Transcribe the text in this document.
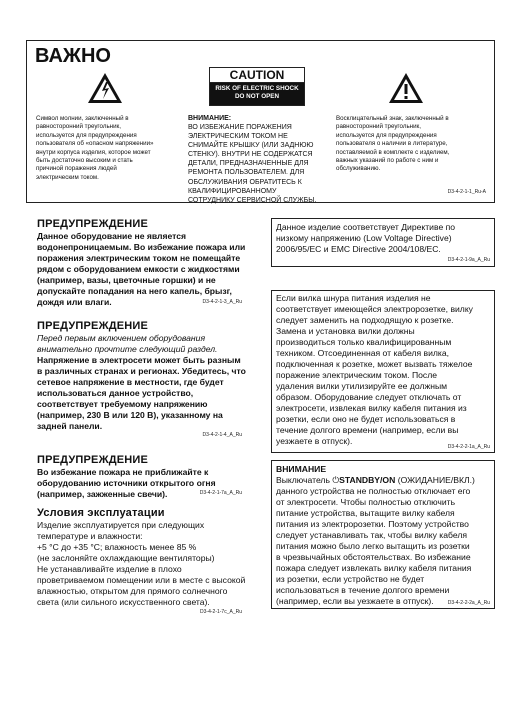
ВАЖНО
CAUTION
RISK OF ELECTRIC SHOCK
DO NOT OPEN

Символ молнии, заключенный в
равносторонний треугольник,
используется для предупреждения
пользователя об «опасном напряжении»
внутри корпуса изделия, которое может
быть достаточно высоким и стать
причиной поражения людей
электрическим током.

ВНИМАНИЕ:

ВО ИЗБЕЖАНИЕ ПОРАЖЕНИЯ
ЭЛЕКТРИЧЕСКИМ ТОКОМ НЕ
СНИМАЙТЕ КРЫШКУ (ИЛИ ЗАДНЮЮ
СТЕНКУ). ВНУТРИ НЕ СОДЕРЖАТСЯ
ДЕТАЛИ, ПРЕДНАЗНАЧЕННЫЕ ДЛЯ
РЕМОНТА ПОЛЬЗОВАТЕЛЕМ. ДЛЯ
ОБСЛУЖИВАНИЯ ОБРАТИТЕСЬ К
КВАЛИФИЦИРОВАННОМУ
СОТРУДНИКУ СЕРВИСНОЙ СЛУЖБЫ.

Восклицательный знак, заключенный в
равносторонний треугольник,
используется для предупреждения
пользователя о наличии в литературе,
поставляемой в комплекте с изделием,
важных указаний по работе с ним и
обслуживанию.

D3-4-2-1-1_Ru-A
ПРЕДУПРЕЖДЕНИЕ

Данное оборудование не является
водонепроницаемым. Во избежание пожара или
поражения электрическим током не помещайте
рядом с оборудованием емкости с жидкостями
(например, вазы, цветочные горшки) и не
допускайте попадания на него капель, брызг,
дождя или влаги.	D3-4-2-1-3_A_Ru
ПРЕДУПРЕЖДЕНИЕ

Перед первым включением оборудования
внимательно прочтите следующий раздел.

Напряжение в электросети может быть разным
в различных странах и регионах. Убедитесь, что
сетевое напряжение в местности, где будет
использоваться данное устройство,
соответствует требуемому напряжению
(например, 230 В или 120 В), указанному на
задней панели.

D3-4-2-1-4_A_Ru
ПРЕДУПРЕЖДЕНИЕ

Во избежание пожара не приближайте к
оборудованию источники открытого огня
(например, зажженные свечи).	D3-4-2-1-7a_A_Ru
Условия эксплуатации

Изделие эксплуатируется при следующих
температуре и влажности:
+5 °C до +35 °C; влажность менее 85 %
(не заслоняйте охлаждающие вентиляторы)
Не устанавливайте изделие в плохо
проветриваемом помещении или в месте с высокой
влажностью, открытом для прямого солнечного
света (или сильного искусственного света).

D3-4-2-1-7c_A_Ru

Данное изделие соответствует Директиве по
низкому напряжению (Low Voltage Directive)
2006/95/EC и EMC Directive 2004/108/EC.

D3-4-2-1-9a_A_Ru

Если вилка шнура питания изделия не
соответствует имеющейся электророзетке, вилку
следует заменить на подходящую к розетке.
Замена и установка вилки должны
производиться только квалифицированным
техником. Отсоединенная от кабеля вилка,
подключенная к розетке, может вызвать тяжелое
поражение электрическим током. После
удаления вилки утилизируйте ее должным
образом. Оборудование следует отключать от
электросети, извлекая вилку кабеля питания из
розетки, если оно не будет использоваться в
течение долгого времени (например, если вы
уезжаете в отпуск).

D3-4-2-2-1a_A_Ru
ВНИМАНИЕ
Выключатель ⏻STANDBY/ON (ОЖИДАНИЕ/ВКЛ.)

данного устройства не полностью отключает его
от электросети. Чтобы полностью отключить
питание устройства, вытащите вилку кабеля
питания из электророзетки. Поэтому устройство
следует устанавливать так, чтобы вилку кабеля
питания можно было легко вытащить из розетки
в чрезвычайных обстоятельствах. Во избежание
пожара следует извлекать вилку кабеля питания
из розетки, если устройство не будет
использоваться в течение долгого времени
(например, если вы уезжаете в отпуск).	D3-4-2-2-2a_A_Ru
